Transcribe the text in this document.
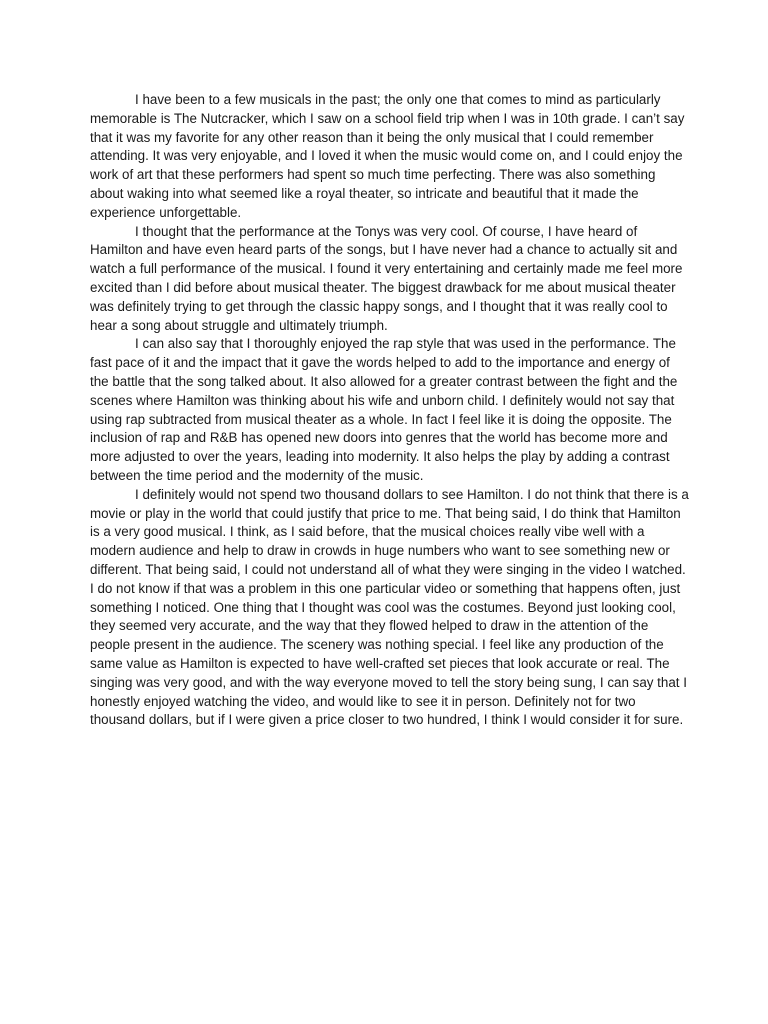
I have been to a few musicals in the past; the only one that comes to mind as particularly memorable is The Nutcracker, which I saw on a school field trip when I was in 10th grade. I can’t say that it was my favorite for any other reason than it being the only musical that I could remember attending. It was very enjoyable, and I loved it when the music would come on, and I could enjoy the work of art that these performers had spent so much time perfecting. There was also something about waking into what seemed like a royal theater, so intricate and beautiful that it made the experience unforgettable.

I thought that the performance at the Tonys was very cool. Of course, I have heard of Hamilton and have even heard parts of the songs, but I have never had a chance to actually sit and watch a full performance of the musical. I found it very entertaining and certainly made me feel more excited than I did before about musical theater. The biggest drawback for me about musical theater was definitely trying to get through the classic happy songs, and I thought that it was really cool to hear a song about struggle and ultimately triumph.

I can also say that I thoroughly enjoyed the rap style that was used in the performance. The fast pace of it and the impact that it gave the words helped to add to the importance and energy of the battle that the song talked about. It also allowed for a greater contrast between the fight and the scenes where Hamilton was thinking about his wife and unborn child. I definitely would not say that using rap subtracted from musical theater as a whole. In fact I feel like it is doing the opposite. The inclusion of rap and R&B has opened new doors into genres that the world has become more and more adjusted to over the years, leading into modernity. It also helps the play by adding a contrast between the time period and the modernity of the music.

I definitely would not spend two thousand dollars to see Hamilton. I do not think that there is a movie or play in the world that could justify that price to me. That being said, I do think that Hamilton is a very good musical. I think, as I said before, that the musical choices really vibe well with a modern audience and help to draw in crowds in huge numbers who want to see something new or different. That being said, I could not understand all of what they were singing in the video I watched. I do not know if that was a problem in this one particular video or something that happens often, just something I noticed. One thing that I thought was cool was the costumes. Beyond just looking cool, they seemed very accurate, and the way that they flowed helped to draw in the attention of the people present in the audience. The scenery was nothing special. I feel like any production of the same value as Hamilton is expected to have well-crafted set pieces that look accurate or real. The singing was very good, and with the way everyone moved to tell the story being sung, I can say that I honestly enjoyed watching the video, and would like to see it in person. Definitely not for two thousand dollars, but if I were given a price closer to two hundred, I think I would consider it for sure.
